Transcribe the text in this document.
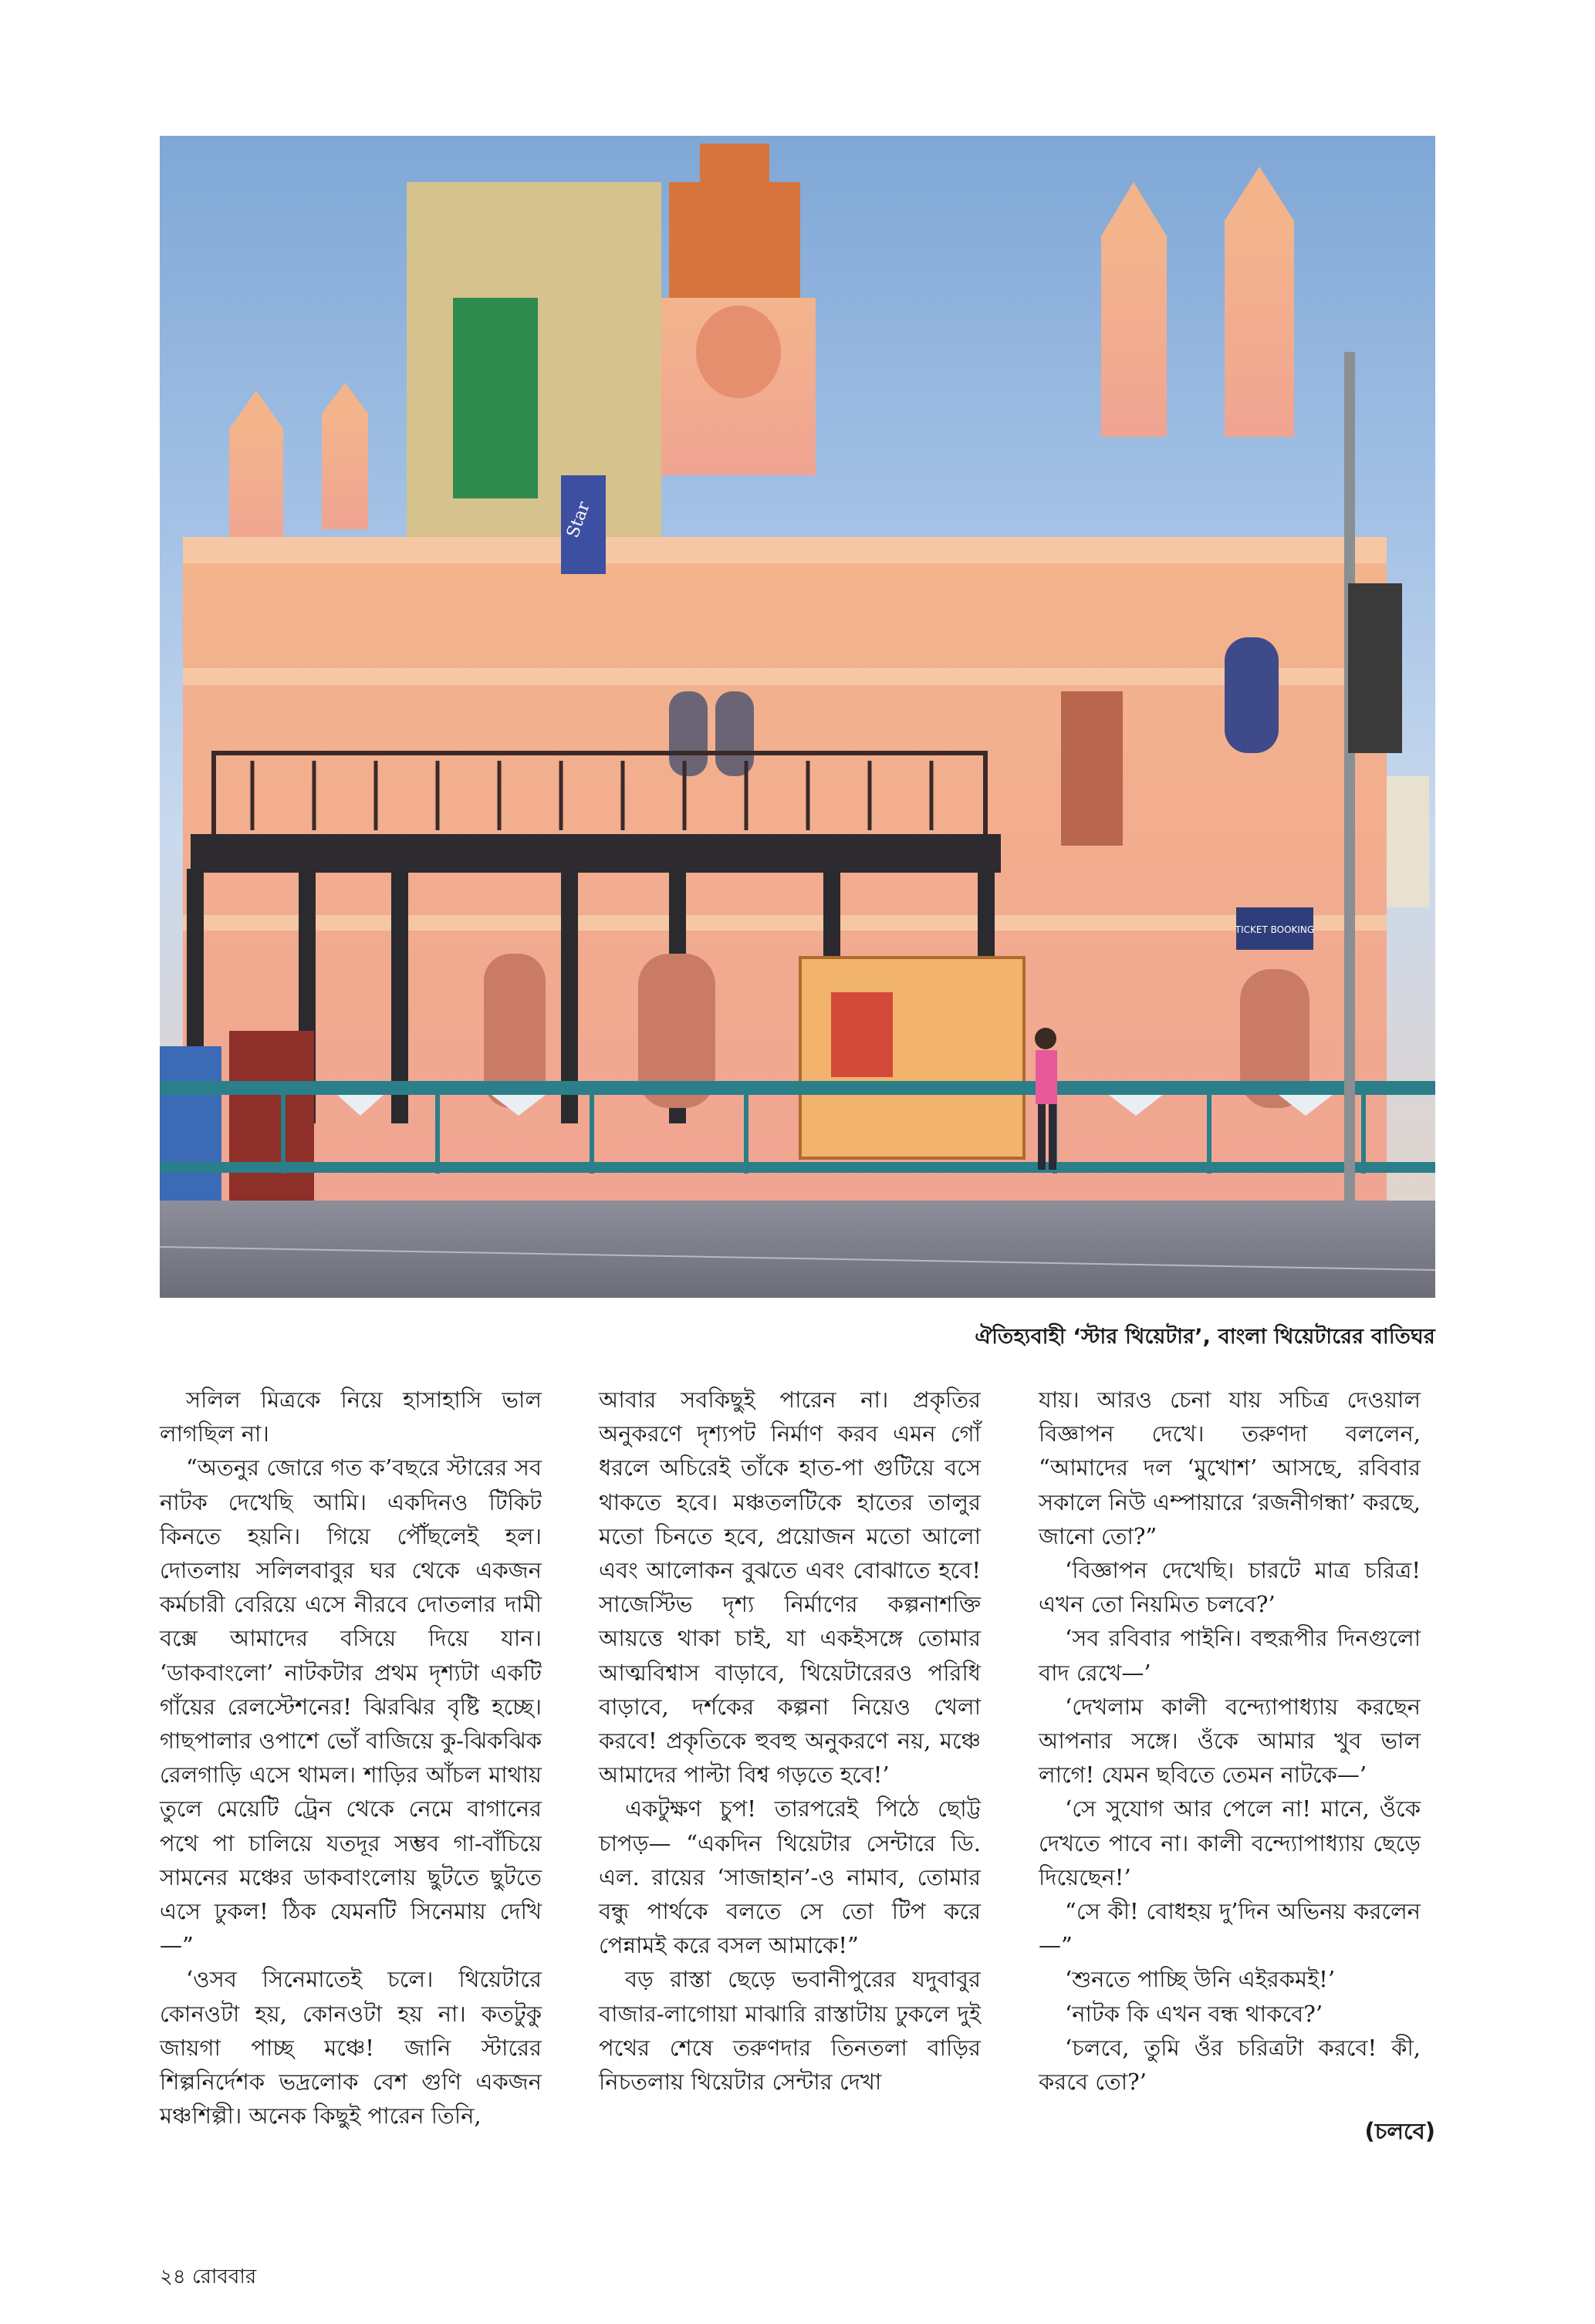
Star
TICKET BOOKING
ঐতিহ্যবাহী ‘স্টার থিয়েটার’, বাংলা থিয়েটারের বাতিঘর

সলিল মিত্রকে নিয়ে হাসাহাসি ভাল লাগছিল না।

“অতনুর জোরে গত ক’বছরে স্টারের সব নাটক দেখেছি আমি। একদিনও টিকিট কিনতে হয়নি। গিয়ে পৌঁছলেই হল। দোতলায় সলিলবাবুর ঘর থেকে একজন কর্মচারী বেরিয়ে এসে নীরবে দোতলার দামী বক্সে আমাদের বসিয়ে দিয়ে যান। ‘ডাকবাংলো’ নাটকটার প্রথম দৃশ্যটা একটি গাঁয়ের রেলস্টেশনের! ঝিরঝির বৃষ্টি হচ্ছে। গাছপালার ওপাশে ভোঁ বাজিয়ে কু-ঝিকঝিক রেলগাড়ি এসে থামল। শাড়ির আঁচল মাথায় তুলে মেয়েটি ট্রেন থেকে নেমে বাগানের পথে পা চালিয়ে যতদূর সম্ভব গা-বাঁচিয়ে সামনের মঞ্চের ডাকবাংলোয় ছুটতে ছুটতে এসে ঢুকল! ঠিক যেমনটি সিনেমায় দেখি—”

‘ওসব সিনেমাতেই চলে। থিয়েটারে কোনওটা হয়, কোনওটা হয় না। কতটুকু জায়গা পাচ্ছ মঞ্চে! জানি স্টারের শিল্পনির্দেশক ভদ্রলোক বেশ গুণি একজন মঞ্চশিল্পী। অনেক কিছুই পারেন তিনি,

আবার সবকিছুই পারেন না। প্রকৃতির অনুকরণে দৃশ্যপট নির্মাণ করব এমন গোঁ ধরলে অচিরেই তাঁকে হাত-পা গুটিয়ে বসে থাকতে হবে। মঞ্চতলটিকে হাতের তালুর মতো চিনতে হবে, প্রয়োজন মতো আলো এবং আলোকন বুঝতে এবং বোঝাতে হবে! সাজেস্টিভ দৃশ্য নির্মাণের কল্পনাশক্তি আয়ত্তে থাকা চাই, যা একইসঙ্গে তোমার আত্মবিশ্বাস বাড়াবে, থিয়েটারেরও পরিধি বাড়াবে, দর্শকের কল্পনা নিয়েও খেলা করবে! প্রকৃতিকে হুবহু অনুকরণে নয়, মঞ্চে আমাদের পাল্টা বিশ্ব গড়তে হবে!’

একটুক্ষণ চুপ! তারপরেই পিঠে ছোট্ট চাপড়— “একদিন থিয়েটার সেন্টারে ডি. এল. রায়ের ‘সাজাহান’-ও নামাব, তোমার বন্ধু পার্থকে বলতে সে তো টিপ করে পেন্নামই করে বসল আমাকে!”

বড় রাস্তা ছেড়ে ভবানীপুরের যদুবাবুর বাজার-লাগোয়া মাঝারি রাস্তাটায় ঢুকলে দুই পথের শেষে তরুণদার তিনতলা বাড়ির নিচতলায় থিয়েটার সেন্টার দেখা

যায়। আরও চেনা যায় সচিত্র দেওয়াল বিজ্ঞাপন দেখে। তরুণদা বললেন, “আমাদের দল ‘মুখোশ’ আসছে, রবিবার সকালে নিউ এম্পায়ারে ‘রজনীগন্ধা’ করছে, জানো তো?”

‘বিজ্ঞাপন দেখেছি। চারটে মাত্র চরিত্র! এখন তো নিয়মিত চলবে?’

‘সব রবিবার পাইনি। বহুরূপীর দিনগুলো বাদ রেখে—’

‘দেখলাম কালী বন্দ্যোপাধ্যায় করছেন আপনার সঙ্গে। ওঁকে আমার খুব ভাল লাগে! যেমন ছবিতে তেমন নাটকে—’

‘সে সুযোগ আর পেলে না! মানে, ওঁকে দেখতে পাবে না। কালী বন্দ্যোপাধ্যায় ছেড়ে দিয়েছেন!’

“সে কী! বোধহয় দু’দিন অভিনয় করলেন—”

‘শুনতে পাচ্ছি উনি এইরকমই!’

‘নাটক কি এখন বন্ধ থাকবে?’

‘চলবে, তুমি ওঁর চরিত্রটা করবে! কী, করবে তো?’

(চলবে)
২৪ রোববার
